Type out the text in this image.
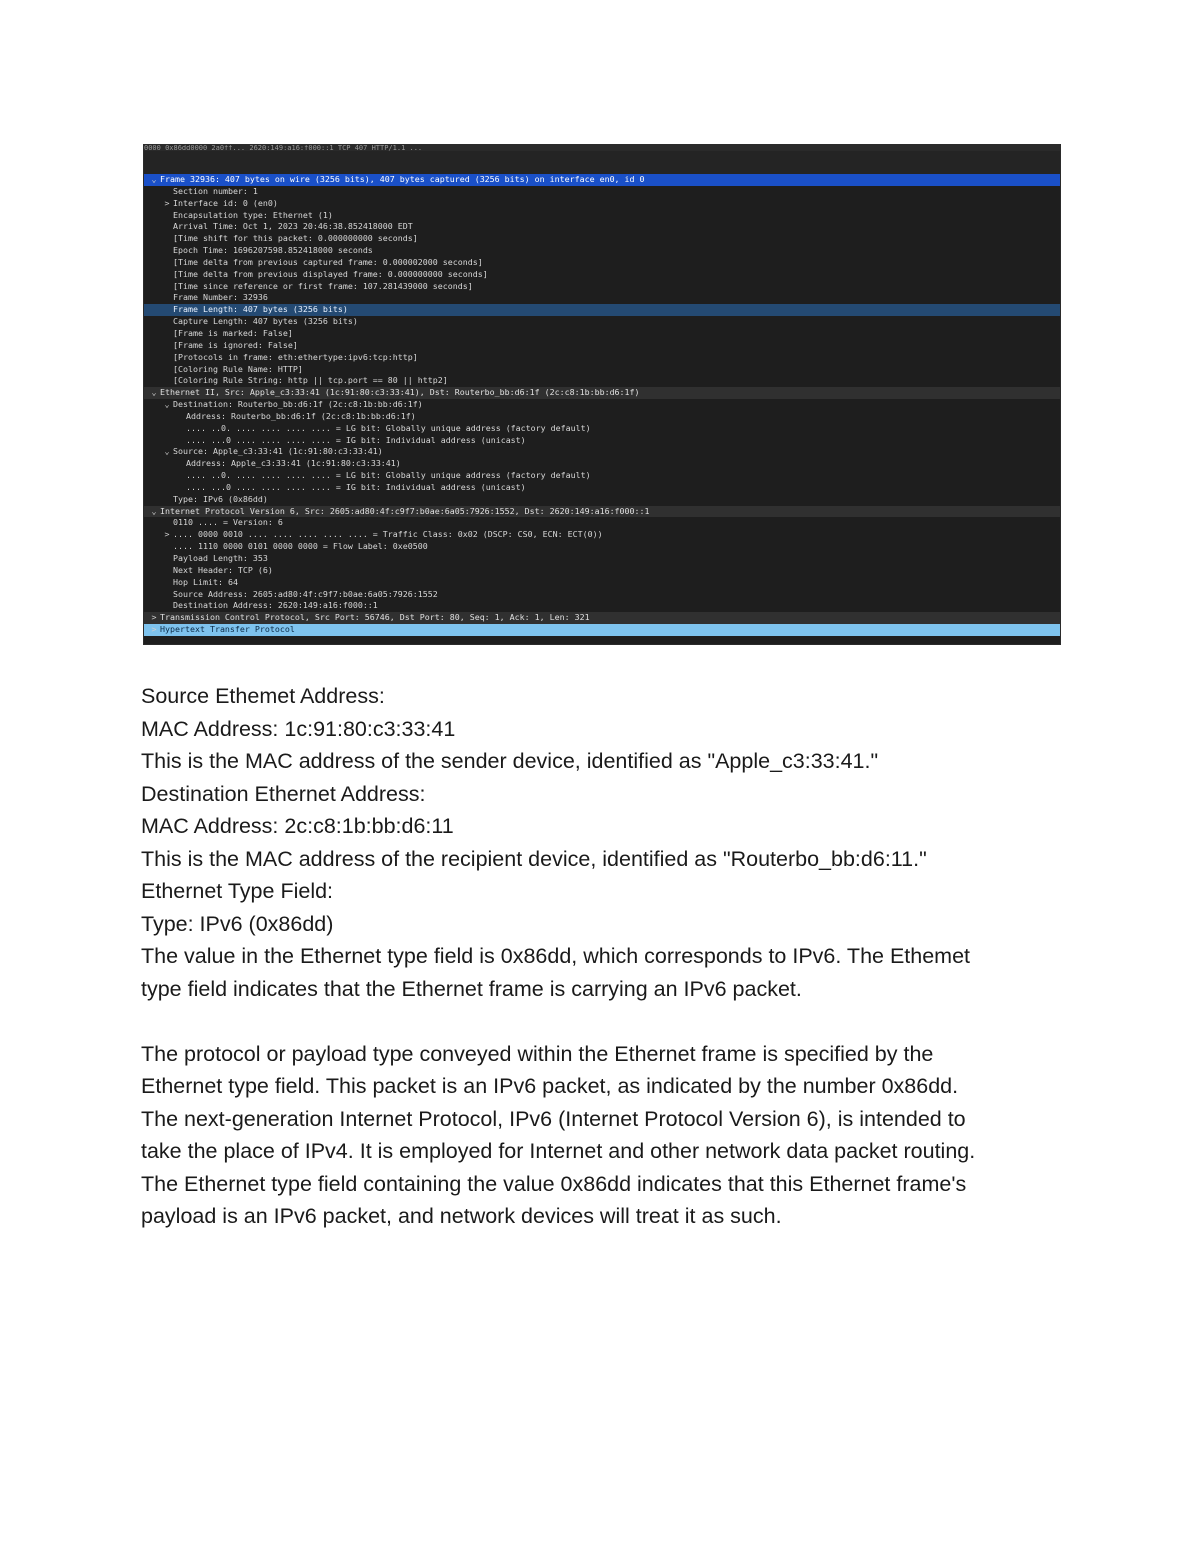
0000 0x86dd0000 2a0ff... 2620:149:a16:f000::1 TCP 407 HTTP/1.1 ...
⌄ Frame 32936: 407 bytes on wire (3256 bits), 407 bytes captured (3256 bits) on interface en0, id 0
Section number: 1
> Interface id: 0 (en0)
Encapsulation type: Ethernet (1)
Arrival Time: Oct 1, 2023 20:46:38.852418000 EDT
[Time shift for this packet: 0.000000000 seconds]
Epoch Time: 1696207598.852418000 seconds
[Time delta from previous captured frame: 0.000002000 seconds]
[Time delta from previous displayed frame: 0.000000000 seconds]
[Time since reference or first frame: 107.281439000 seconds]
Frame Number: 32936
Frame Length: 407 bytes (3256 bits)
Capture Length: 407 bytes (3256 bits)
[Frame is marked: False]
[Frame is ignored: False]
[Protocols in frame: eth:ethertype:ipv6:tcp:http]
[Coloring Rule Name: HTTP]
[Coloring Rule String: http || tcp.port == 80 || http2]
⌄ Ethernet II, Src: Apple_c3:33:41 (1c:91:80:c3:33:41), Dst: Routerbo_bb:d6:1f (2c:c8:1b:bb:d6:1f)
⌄ Destination: Routerbo_bb:d6:1f (2c:c8:1b:bb:d6:1f)
Address: Routerbo_bb:d6:1f (2c:c8:1b:bb:d6:1f)
.... ..0. .... .... .... .... = LG bit: Globally unique address (factory default)
.... ...0 .... .... .... .... = IG bit: Individual address (unicast)
⌄ Source: Apple_c3:33:41 (1c:91:80:c3:33:41)
Address: Apple_c3:33:41 (1c:91:80:c3:33:41)
.... ..0. .... .... .... .... = LG bit: Globally unique address (factory default)
.... ...0 .... .... .... .... = IG bit: Individual address (unicast)
Type: IPv6 (0x86dd)
⌄ Internet Protocol Version 6, Src: 2605:ad80:4f:c9f7:b0ae:6a05:7926:1552, Dst: 2620:149:a16:f000::1
0110 .... = Version: 6
> .... 0000 0010 .... .... .... .... .... = Traffic Class: 0x02 (DSCP: CS0, ECN: ECT(0))
.... 1110 0000 0101 0000 0000 = Flow Label: 0xe0500
Payload Length: 353
Next Header: TCP (6)
Hop Limit: 64
Source Address: 2605:ad80:4f:c9f7:b0ae:6a05:7926:1552
Destination Address: 2620:149:a16:f000::1
> Transmission Control Protocol, Src Port: 56746, Dst Port: 80, Seq: 1, Ack: 1, Len: 321
> Hypertext Transfer Protocol

Source Ethemet Address:

MAC Address: 1c:91:80:c3:33:41

This is the MAC address of the sender device, identified as "Apple_c3:33:41."

Destination Ethernet Address:

MAC Address: 2c:c8:1b:bb:d6:11

This is the MAC address of the recipient device, identified as "Routerbo_bb:d6:11."

Ethernet Type Field:

Type: IPv6 (0x86dd)

The value in the Ethernet type field is 0x86dd, which corresponds to IPv6. The Ethemet

type field indicates that the Ethernet frame is carrying an IPv6 packet.

The protocol or payload type conveyed within the Ethernet frame is specified by the

Ethernet type field. This packet is an IPv6 packet, as indicated by the number 0x86dd.

The next-generation Internet Protocol, IPv6 (Internet Protocol Version 6), is intended to

take the place of IPv4. It is employed for Internet and other network data packet routing.

The Ethernet type field containing the value 0x86dd indicates that this Ethernet frame's

payload is an IPv6 packet, and network devices will treat it as such.
